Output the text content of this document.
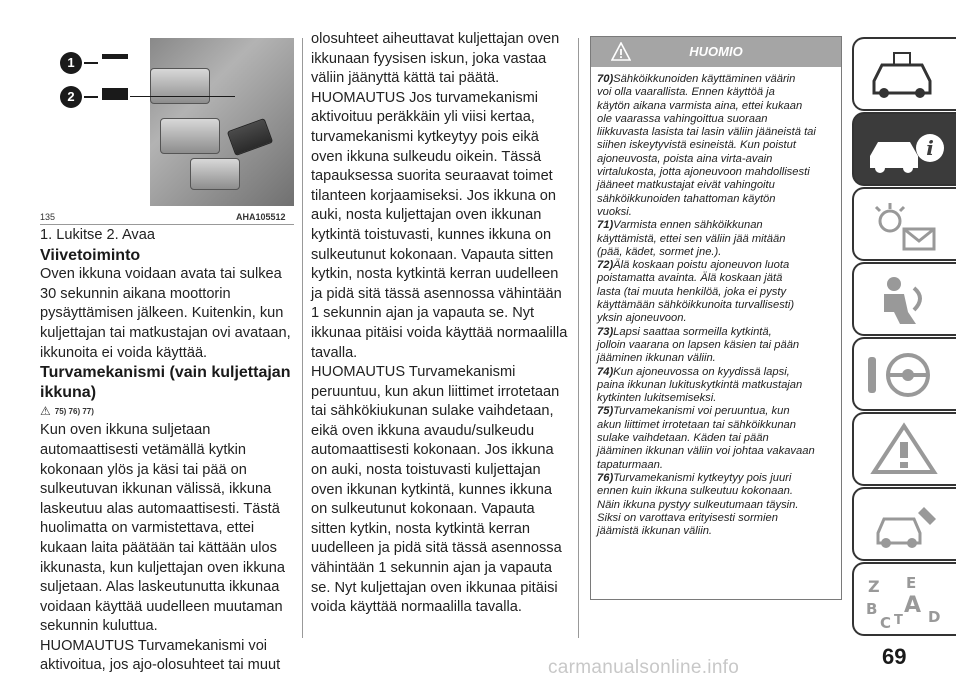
1
2
135	AHA105512
1. Lukitse 2. Avaa
Viivetoiminto
Oven ikkuna voidaan avata tai sulkea
30 sekunnin aikana moottorin
pysäyttämisen jälkeen. Kuitenkin, kun
kuljettajan tai matkustajan ovi avataan,
ikkunoita ei voida käyttää.
Turvamekanismi (vain kuljettajan
ikkuna)
⚠ 75) 76) 77)
Kun oven ikkuna suljetaan
automaattisesti vetämällä kytkin
kokonaan ylös ja käsi tai pää on
sulkeutuvan ikkunan välissä, ikkuna
laskeutuu alas automaattisesti. Tästä
huolimatta on varmistettava, ettei
kukaan laita päätään tai kättään ulos
ikkunasta, kun kuljettajan oven ikkuna
suljetaan. Alas laskeutunutta ikkunaa
voidaan käyttää uudelleen muutaman
sekunnin kuluttua.
HUOMAUTUS Turvamekanismi voi
aktivoitua, jos ajo-olosuhteet tai muut
olosuhteet aiheuttavat kuljettajan oven
ikkunaan fyysisen iskun, joka vastaa
väliin jäänyttä kättä tai päätä.
HUOMAUTUS Jos turvamekanismi
aktivoituu peräkkäin yli viisi kertaa,
turvamekanismi kytkeytyy pois eikä
oven ikkuna sulkeudu oikein. Tässä
tapauksessa suorita seuraavat toimet
tilanteen korjaamiseksi. Jos ikkuna on
auki, nosta kuljettajan oven ikkunan
kytkintä toistuvasti, kunnes ikkuna on
sulkeutunut kokonaan. Vapauta sitten
kytkin, nosta kytkintä kerran uudelleen
ja pidä sitä tässä asennossa vähintään
1 sekunnin ajan ja vapauta se. Nyt
ikkunaa pitäisi voida käyttää normaalilla
tavalla.
HUOMAUTUS Turvamekanismi
peruuntuu, kun akun liittimet irrotetaan
tai sähkökiukunan sulake vaihdetaan,
eikä oven ikkuna avaudu/sulkeudu
automaattisesti kokonaan. Jos ikkuna
on auki, nosta toistuvasti kuljettajan
oven ikkunan kytkintä, kunnes ikkuna
on sulkeutunut kokonaan. Vapauta
sitten kytkin, nosta kytkintä kerran
uudelleen ja pidä sitä tässä asennossa
vähintään 1 sekunnin ajan ja vapauta
se. Nyt kuljettajan oven ikkunaa pitäisi
voida käyttää normaalilla tavalla.
HUOMIO
70)Sähköikkunoiden käyttäminen väärin
voi olla vaarallista. Ennen käyttöä ja
käytön aikana varmista aina, ettei kukaan
ole vaarassa vahingoittua suoraan
liikkuvasta lasista tai lasin väliin jääneistä tai
siihen iskeytyvistä esineistä. Kun poistut
ajoneuvosta, poista aina virta-avain
virtalukosta, jotta ajoneuvoon mahdollisesti
jääneet matkustajat eivät vahingoitu
sähköikkunoiden tahattoman käytön
vuoksi.
71)Varmista ennen sähköikkunan
käyttämistä, ettei sen väliin jää mitään
(pää, kädet, sormet jne.).
72)Älä koskaan poistu ajoneuvon luota
poistamatta avainta. Älä koskaan jätä
lasta (tai muuta henkilöä, joka ei pysty
käyttämään sähköikkunoita turvallisesti)
yksin ajoneuvoon.
73)Lapsi saattaa sormeilla kytkintä,
jolloin vaarana on lapsen käsien tai pään
jääminen ikkunan väliin.
74)Kun ajoneuvossa on kyydissä lapsi,
paina ikkunan lukituskytkintä matkustajan
kytkinten lukitsemiseksi.
75)Turvamekanismi voi peruuntua, kun
akun liittimet irrotetaan tai sähköikkunan
sulake vaihdetaan. Käden tai pään
jääminen ikkunan väliin voi johtaa vakavaan
tapaturmaan.
76)Turvamekanismi kytkeytyy pois juuri
ennen kuin ikkuna sulkeutuu kokonaan.
Näin ikkuna pystyy sulkeutumaan täysin.
Siksi on varottava erityisesti sormien
jäämistä ikkunan väliin.
i
Z E
B A
C T D
69
carmanualsonline.info
